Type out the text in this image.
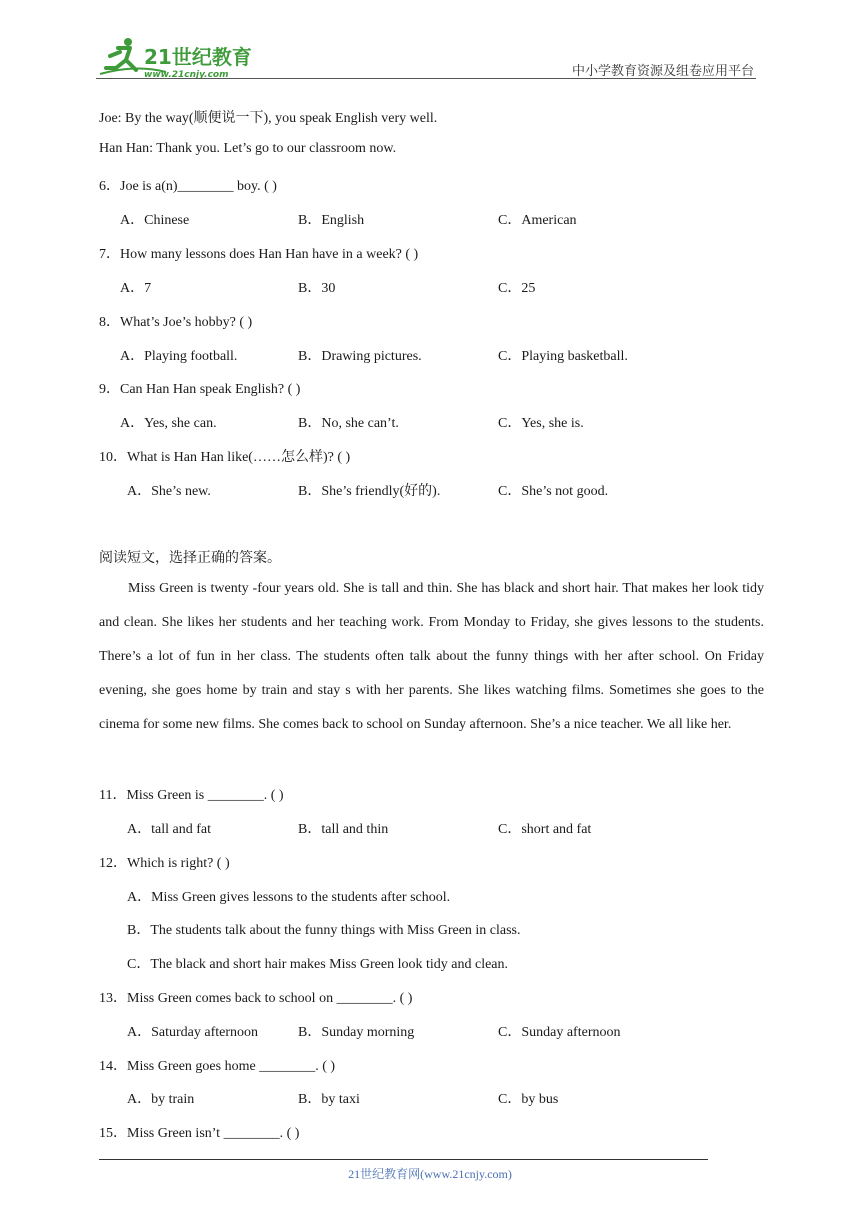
21世纪教育
www.21cnjy.com	中小学教育资源及组卷应用平台
Joe: By the way(顺便说一下), you speak English very well.
Han Han: Thank you. Let’s go to our classroom now.
6．Joe is a(n)________ boy. ( )
A．Chinese	B．English	C．American
7．How many lessons does Han Han have in a week? ( )
A．7	B．30	C．25
8．What’s Joe’s hobby? ( )
A．Playing football.	B．Drawing pictures.	C．Playing basketball.
9．Can Han Han speak English? ( )
A．Yes, she can.	B．No, she can’t.	C．Yes, she is.
10．What is Han Han like(……怎么样)? ( )
A．She’s new.	B．She’s friendly(好的).	C．She’s not good.
阅读短文，选择正确的答案。
Miss Green is twenty -four years old. She is tall and thin. She has black and short hair. That makes her look tidy and clean. She likes her students and her teaching work. From Monday to Friday, she gives lessons to the students. There’s a lot of fun in her class. The students often talk about the funny things with her after school. On Friday evening, she goes home by train and stay s with her parents. She likes watching films. Sometimes she goes to the cinema for some new films. She comes back to school on Sunday afternoon. She’s a nice teacher. We all like her.
11．Miss Green is ________. ( )
A．tall and fat	B．tall and thin	C．short and fat
12．Which is right? ( )
A．Miss Green gives lessons to the students after school.
B．The students talk about the funny things with Miss Green in class.
C．The black and short hair makes Miss Green look tidy and clean.
13．Miss Green comes back to school on ________. ( )
A．Saturday afternoon	B．Sunday morning	C．Sunday afternoon
14．Miss Green goes home ________. ( )
A．by train	B．by taxi	C．by bus
15．Miss Green isn’t ________. ( )
21世纪教育网(www.21cnjy.com)
